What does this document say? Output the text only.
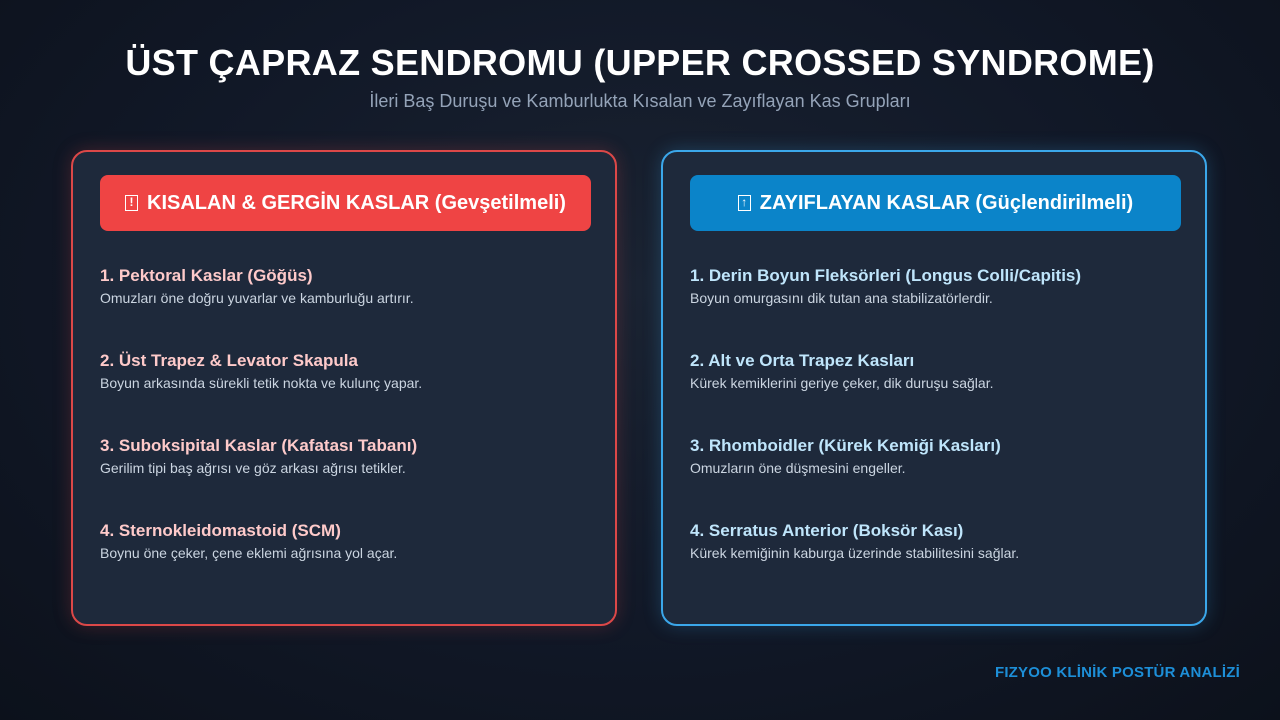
ÜST ÇAPRAZ SENDROMU (UPPER CROSSED SYNDROME)
İleri Baş Duruşu ve Kamburlukta Kısalan ve Zayıflayan Kas Grupları
! KISALAN & GERGİN KASLAR (Gevşetilmeli)
1. Pektoral Kaslar (Göğüs)
Omuzları öne doğru yuvarlar ve kamburluğu artırır.
2. Üst Trapez & Levator Skapula
Boyun arkasında sürekli tetik nokta ve kulunç yapar.
3. Suboksipital Kaslar (Kafatası Tabanı)
Gerilim tipi baş ağrısı ve göz arkası ağrısı tetikler.
4. Sternokleidomastoid (SCM)
Boynu öne çeker, çene eklemi ağrısına yol açar.
↑ ZAYIFLAYAN KASLAR (Güçlendirilmeli)
1. Derin Boyun Fleksörleri (Longus Colli/Capitis)
Boyun omurgasını dik tutan ana stabilizatörlerdir.
2. Alt ve Orta Trapez Kasları
Kürek kemiklerini geriye çeker, dik duruşu sağlar.
3. Rhomboidler (Kürek Kemiği Kasları)
Omuzların öne düşmesini engeller.
4. Serratus Anterior (Boksör Kası)
Kürek kemiğinin kaburga üzerinde stabilitesini sağlar.
FIZYOO KLİNİK POSTÜR ANALİZİ
